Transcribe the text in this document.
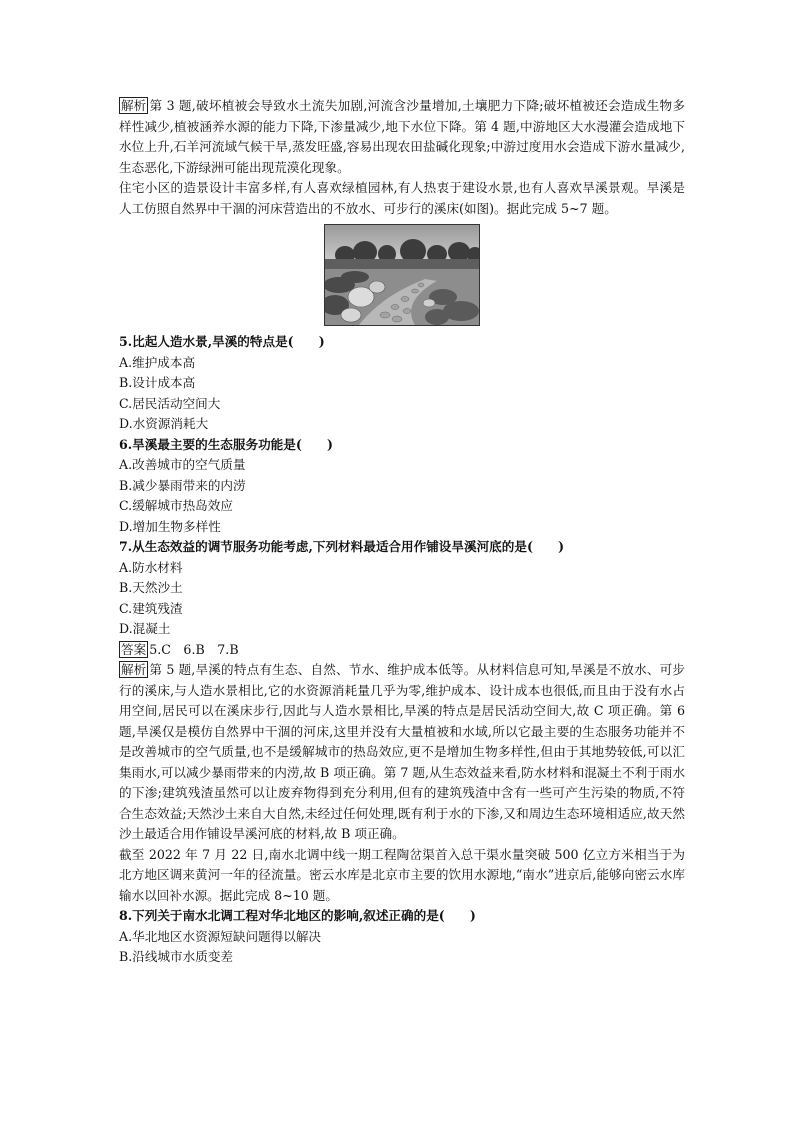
解析 第 3 题,破坏植被会导致水土流失加剧,河流含沙量增加,土壤肥力下降;破坏植被还会造成生物多样性减少,植被涵养水源的能力下降,下渗量减少,地下水位下降。第 4 题,中游地区大水漫灌会造成地下水位上升,石羊河流域气候干旱,蒸发旺盛,容易出现农田盐碱化现象;中游过度用水会造成下游水量减少,生态恶化,下游绿洲可能出现荒漠化现象。

住宅小区的造景设计丰富多样,有人喜欢绿植园林,有人热衷于建设水景,也有人喜欢旱溪景观。旱溪是人工仿照自然界中干涸的河床营造出的不放水、可步行的溪床(如图)。据此完成 5~7 题。

5.比起人造水景,旱溪的特点是(　　)

A.维护成本高

B.设计成本高

C.居民活动空间大

D.水资源消耗大

6.旱溪最主要的生态服务功能是(　　)

A.改善城市的空气质量

B.减少暴雨带来的内涝

C.缓解城市热岛效应

D.增加生物多样性

7.从生态效益的调节服务功能考虑,下列材料最适合用作铺设旱溪河底的是(　　)

A.防水材料

B.天然沙土

C.建筑残渣

D.混凝土

答案 5.C　6.B　7.B

解析 第 5 题,旱溪的特点有生态、自然、节水、维护成本低等。从材料信息可知,旱溪是不放水、可步行的溪床,与人造水景相比,它的水资源消耗量几乎为零,维护成本、设计成本也很低,而且由于没有水占用空间,居民可以在溪床步行,因此与人造水景相比,旱溪的特点是居民活动空间大,故 C 项正确。第 6 题,旱溪仅是模仿自然界中干涸的河床,这里并没有大量植被和水域,所以它最主要的生态服务功能并不是改善城市的空气质量,也不是缓解城市的热岛效应,更不是增加生物多样性,但由于其地势较低,可以汇集雨水,可以减少暴雨带来的内涝,故 B 项正确。第 7 题,从生态效益来看,防水材料和混凝土不利于雨水的下渗;建筑残渣虽然可以让废弃物得到充分利用,但有的建筑残渣中含有一些可产生污染的物质,不符合生态效益;天然沙土来自大自然,未经过任何处理,既有利于水的下渗,又和周边生态环境相适应,故天然沙土最适合用作铺设旱溪河底的材料,故 B 项正确。

截至 2022 年 7 月 22 日,南水北调中线一期工程陶岔渠首入总干渠水量突破 500 亿立方米相当于为北方地区调来黄河一年的径流量。密云水库是北京市主要的饮用水源地,“南水”进京后,能够向密云水库输水以回补水源。据此完成 8~10 题。

8.下列关于南水北调工程对华北地区的影响,叙述正确的是(　　)

A.华北地区水资源短缺问题得以解决

B.沿线城市水质变差
